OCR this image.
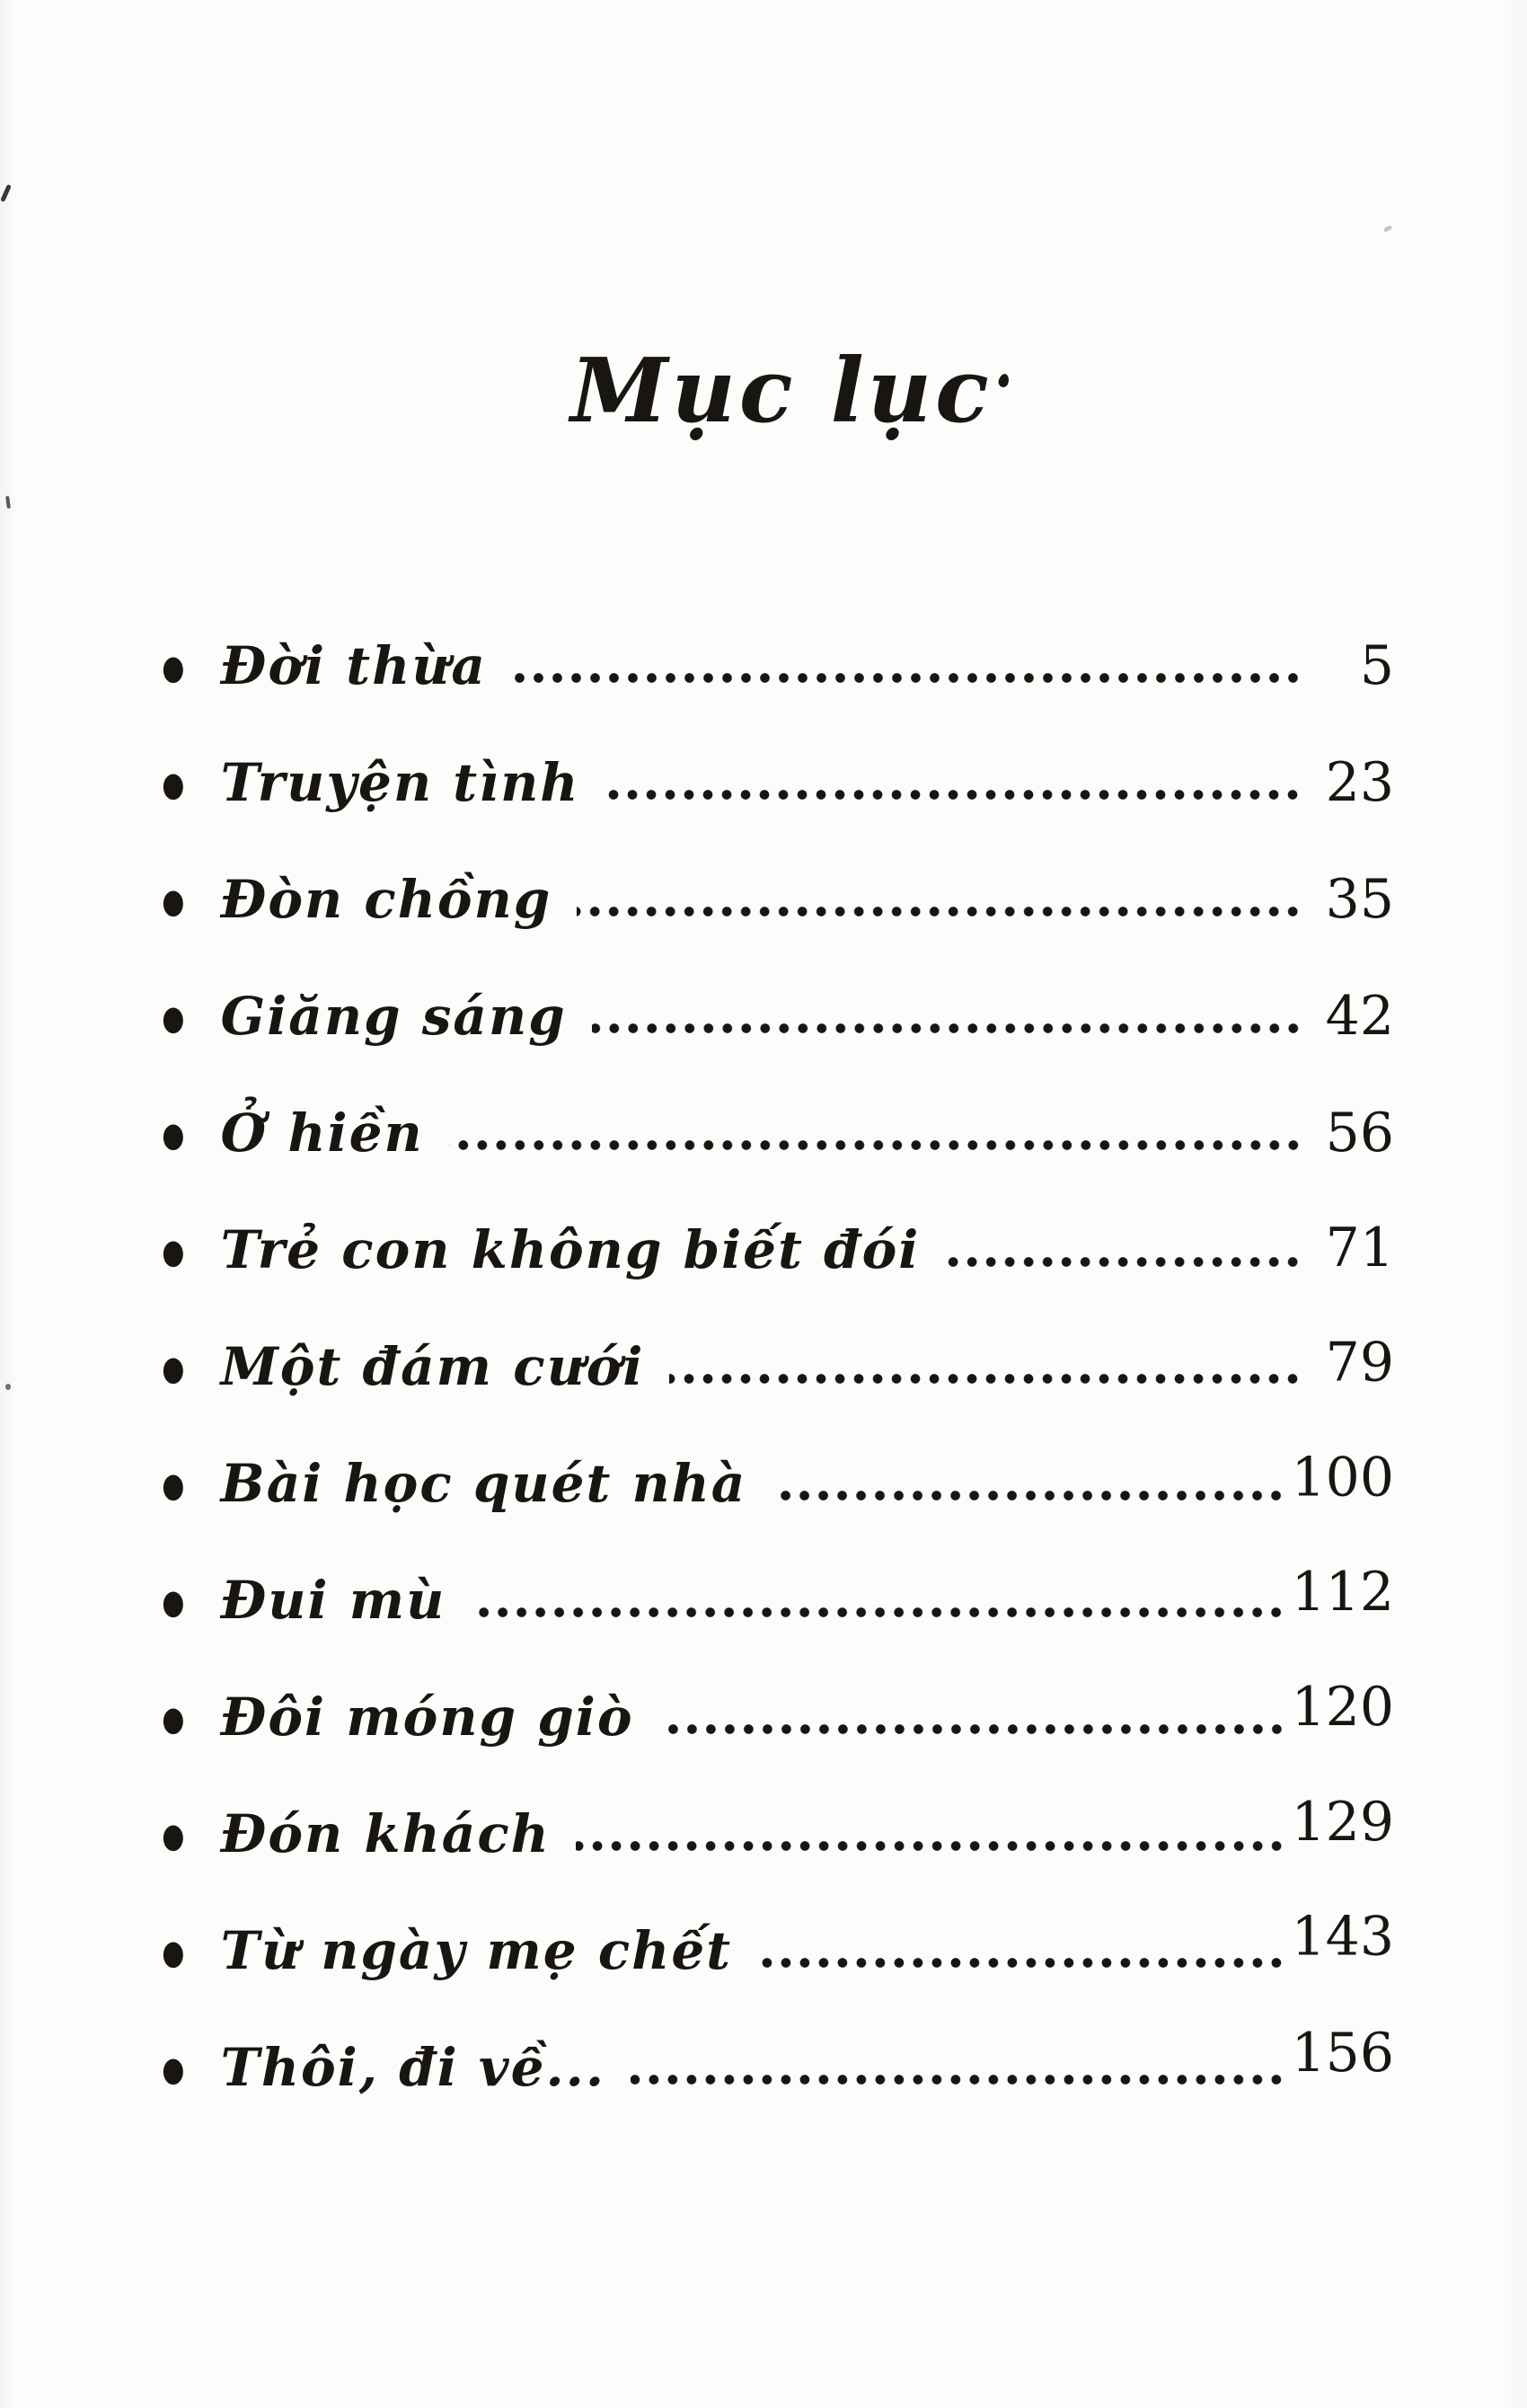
Mục lục
● Đời thừa	5
● Truyện tình	23
● Đòn chồng	35
● Giăng sáng	42
● Ở hiền	56
● Trẻ con không biết đói	71
● Một đám cưới	79
● Bài học quét nhà	100
● Đui mù	112
● Đôi móng giò	120
● Đón khách	129
● Từ ngày mẹ chết	143
● Thôi, đi về...	156
